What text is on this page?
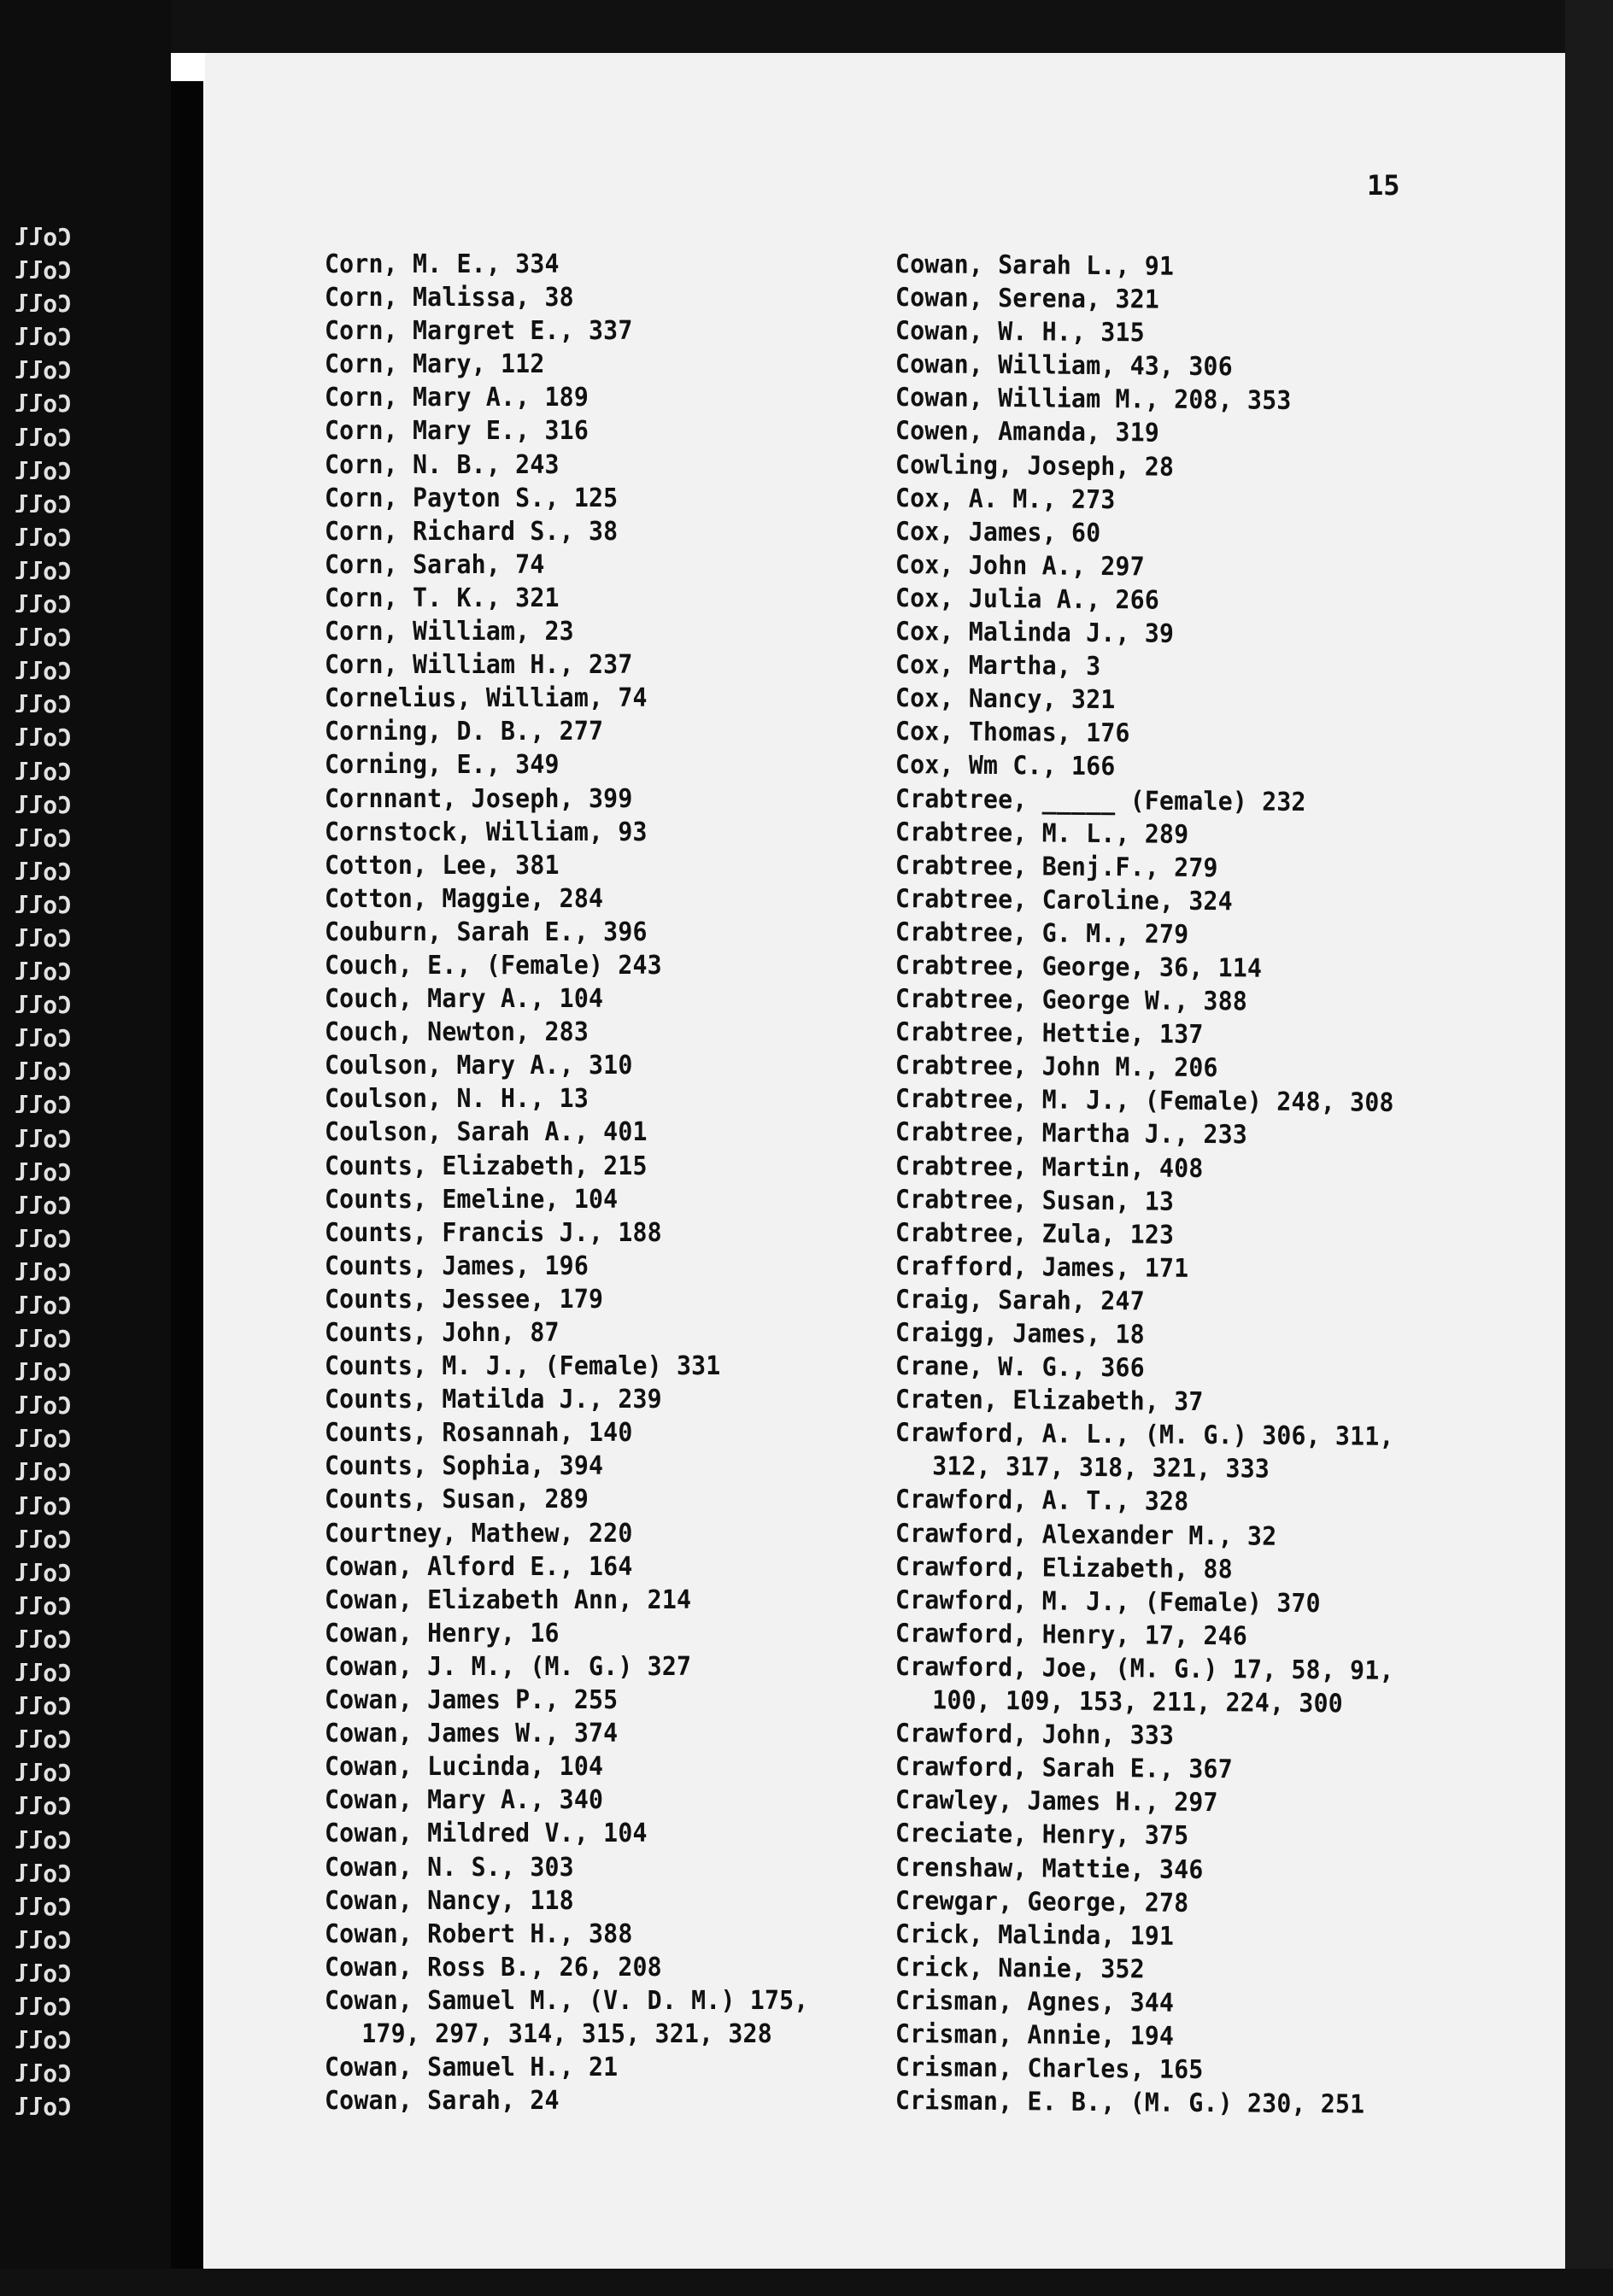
Coll
Coll
Coll
Coll
Coll
Coll
Coll
Coll
Coll
Coll
Coll
Coll
Coll
Coll
Coll
Coll
Coll
Coll
Coll
Coll
Coll
Coll
Coll
Coll
Coll
Coll
Coll
Coll
Coll
Coll
Coll
Coll
Coll
Coll
Coll
Coll
Coll
Coll
Coll
Coll
Coll
Coll
Coll
Coll
Coll
Coll
Coll
Coll
Coll
Coll
Coll
Coll
Coll
Coll
Coll
Coll
Coll
15
Corn, M. E., 334
Corn, Malissa, 38
Corn, Margret E., 337
Corn, Mary, 112
Corn, Mary A., 189
Corn, Mary E., 316
Corn, N. B., 243
Corn, Payton S., 125
Corn, Richard S., 38
Corn, Sarah, 74
Corn, T. K., 321
Corn, William, 23
Corn, William H., 237
Cornelius, William, 74
Corning, D. B., 277
Corning, E., 349
Cornnant, Joseph, 399
Cornstock, William, 93
Cotton, Lee, 381
Cotton, Maggie, 284
Couburn, Sarah E., 396
Couch, E., (Female) 243
Couch, Mary A., 104
Couch, Newton, 283
Coulson, Mary A., 310
Coulson, N. H., 13
Coulson, Sarah A., 401
Counts, Elizabeth, 215
Counts, Emeline, 104
Counts, Francis J., 188
Counts, James, 196
Counts, Jessee, 179
Counts, John, 87
Counts, M. J., (Female) 331
Counts, Matilda J., 239
Counts, Rosannah, 140
Counts, Sophia, 394
Counts, Susan, 289
Courtney, Mathew, 220
Cowan, Alford E., 164
Cowan, Elizabeth Ann, 214
Cowan, Henry, 16
Cowan, J. M., (M. G.) 327
Cowan, James P., 255
Cowan, James W., 374
Cowan, Lucinda, 104
Cowan, Mary A., 340
Cowan, Mildred V., 104
Cowan, N. S., 303
Cowan, Nancy, 118
Cowan, Robert H., 388
Cowan, Ross B., 26, 208
Cowan, Samuel M., (V. D. M.) 175,
179, 297, 314, 315, 321, 328
Cowan, Samuel H., 21
Cowan, Sarah, 24
Cowan, Sarah L., 91
Cowan, Serena, 321
Cowan, W. H., 315
Cowan, William, 43, 306
Cowan, William M., 208, 353
Cowen, Amanda, 319
Cowling, Joseph, 28
Cox, A. M., 273
Cox, James, 60
Cox, John A., 297
Cox, Julia A., 266
Cox, Malinda J., 39
Cox, Martha, 3
Cox, Nancy, 321
Cox, Thomas, 176
Cox, Wm C., 166
Crabtree, _____ (Female) 232
Crabtree, M. L., 289
Crabtree, Benj.F., 279
Crabtree, Caroline, 324
Crabtree, G. M., 279
Crabtree, George, 36, 114
Crabtree, George W., 388
Crabtree, Hettie, 137
Crabtree, John M., 206
Crabtree, M. J., (Female) 248, 308
Crabtree, Martha J., 233
Crabtree, Martin, 408
Crabtree, Susan, 13
Crabtree, Zula, 123
Crafford, James, 171
Craig, Sarah, 247
Craigg, James, 18
Crane, W. G., 366
Craten, Elizabeth, 37
Crawford, A. L., (M. G.) 306, 311,
312, 317, 318, 321, 333
Crawford, A. T., 328
Crawford, Alexander M., 32
Crawford, Elizabeth, 88
Crawford, M. J., (Female) 370
Crawford, Henry, 17, 246
Crawford, Joe, (M. G.) 17, 58, 91,
100, 109, 153, 211, 224, 300
Crawford, John, 333
Crawford, Sarah E., 367
Crawley, James H., 297
Creciate, Henry, 375
Crenshaw, Mattie, 346
Crewgar, George, 278
Crick, Malinda, 191
Crick, Nanie, 352
Crisman, Agnes, 344
Crisman, Annie, 194
Crisman, Charles, 165
Crisman, E. B., (M. G.) 230, 251
